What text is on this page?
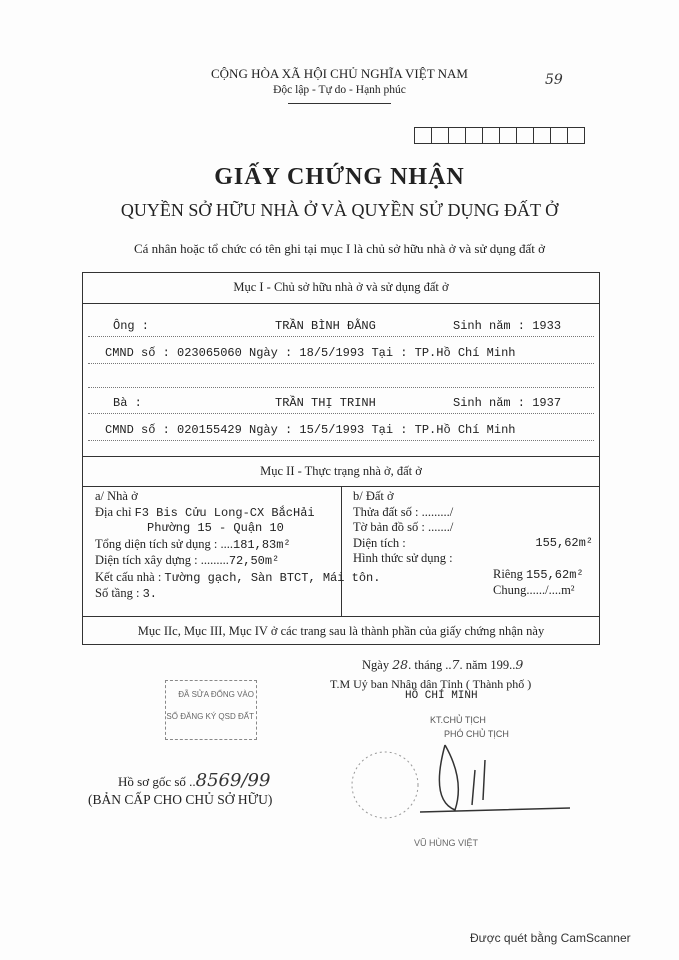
CỘNG HÒA XÃ HỘI CHỦ NGHĨA VIỆT NAM
Độc lập - Tự do - Hạnh phúc
59
GIẤY CHỨNG NHẬN
QUYỀN SỞ HỮU NHÀ Ở VÀ QUYỀN SỬ DỤNG ĐẤT Ở
Cá nhân hoặc tổ chức có tên ghi tại mục I là chủ sở hữu nhà ở và sử dụng đất ở
Mục I - Chủ sở hữu nhà ở và sử dụng đất ở
Ông :	TRẦN BÌNH ĐẰNG	Sinh năm : 1933
CMND số : 023065060 Ngày : 18/5/1993 Tại : TP.Hồ Chí Minh
Bà :	TRẦN THỊ TRINH	Sinh năm : 1937
CMND số : 020155429 Ngày : 15/5/1993 Tại : TP.Hồ Chí Minh
Mục II - Thực trạng nhà ở, đất ở
a/ Nhà ở
Địa chỉ F3 Bis Cửu Long-CX BắcHải
Phường 15 - Quận 10
Tổng diện tích sử dụng : ....181,83m²
Diện tích xây dựng : .........72,50m²
Kết cấu nhà : Tường gạch, Sàn BTCT, Mái tôn.
Số tầng : 3.
b/ Đất ở
Thửa đất số : ........./
Tờ bản đồ số : ......./
Diện tích :	155,62m²
Hình thức sử dụng :
Riêng 155,62m²
Chung....../....m²
Mục IIc, Mục III, Mục IV ở các trang sau là thành phần của giấy chứng nhận này
Ngày 28. tháng ..7. năm 199..9
T.M Uỷ ban Nhân dân Tỉnh ( Thành phố )
HỒ CHÍ MINH
KT.CHỦ TỊCH
PHÓ CHỦ TỊCH
VŨ HÙNG VIỆT
ĐÃ SỬA ĐỔNG VÀO
SỔ ĐĂNG KÝ QSD ĐẤT
Hồ sơ gốc số ..8569/99
(BẢN CẤP CHO CHỦ SỞ HỮU)
Được quét bằng CamScanner
